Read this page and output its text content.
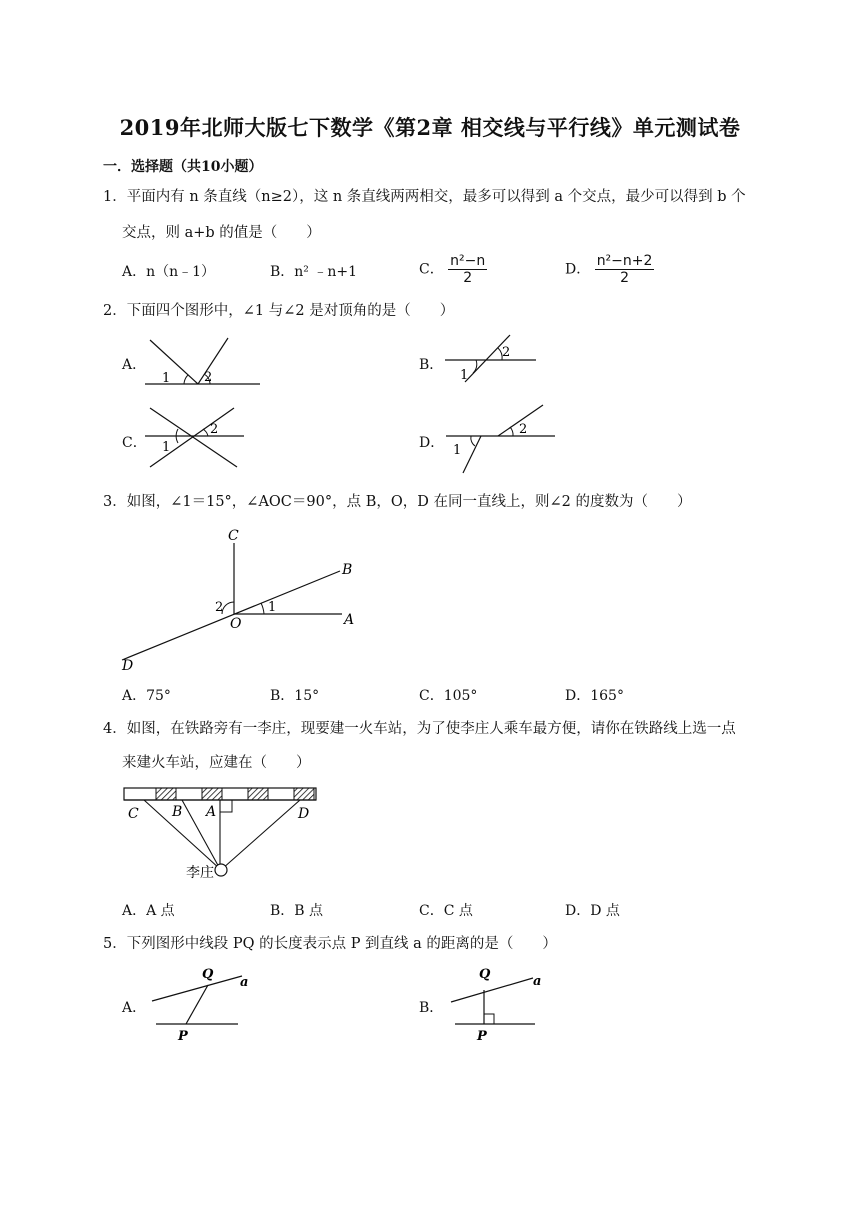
2019年北师大版七下数学《第2章 相交线与平行线》单元测试卷
一．选择题（共10小题）
1．平面内有 n 条直线（n≥2），这 n 条直线两两相交，最多可以得到 a 个交点，最少可以得到 b 个
交点，则 a+b 的值是（　　）
A．n（n﹣1）	B．n² ﹣n+1	C． $\frac{\text{n²−n}}{2}$	D． $\frac{\text{n²−n+2}}{2}$
2．下面四个图形中，∠1 与∠2 是对顶角的是（　　）
A．	B．
C．	D．
1	2	1
2
1
2
1
2
3．如图，∠1＝15°，∠AOC＝90°，点 B，O，D 在同一直线上，则∠2 的度数为（　　）
C
B
O	A
D
1
2
A．75°	B．15°	C．105°	D．165°
4．如图，在铁路旁有一李庄，现要建一火车站，为了使李庄人乘车最方便，请你在铁路线上选一点
来建火车站，应建在（　　）
C B A	D
李庄
A．A 点	B．B 点	C．C 点	D．D 点
5．下列图形中线段 PQ 的长度表示点 P 到直线 a 的距离的是（　　）
A．	B．
Q
a
P
Q	a
P
